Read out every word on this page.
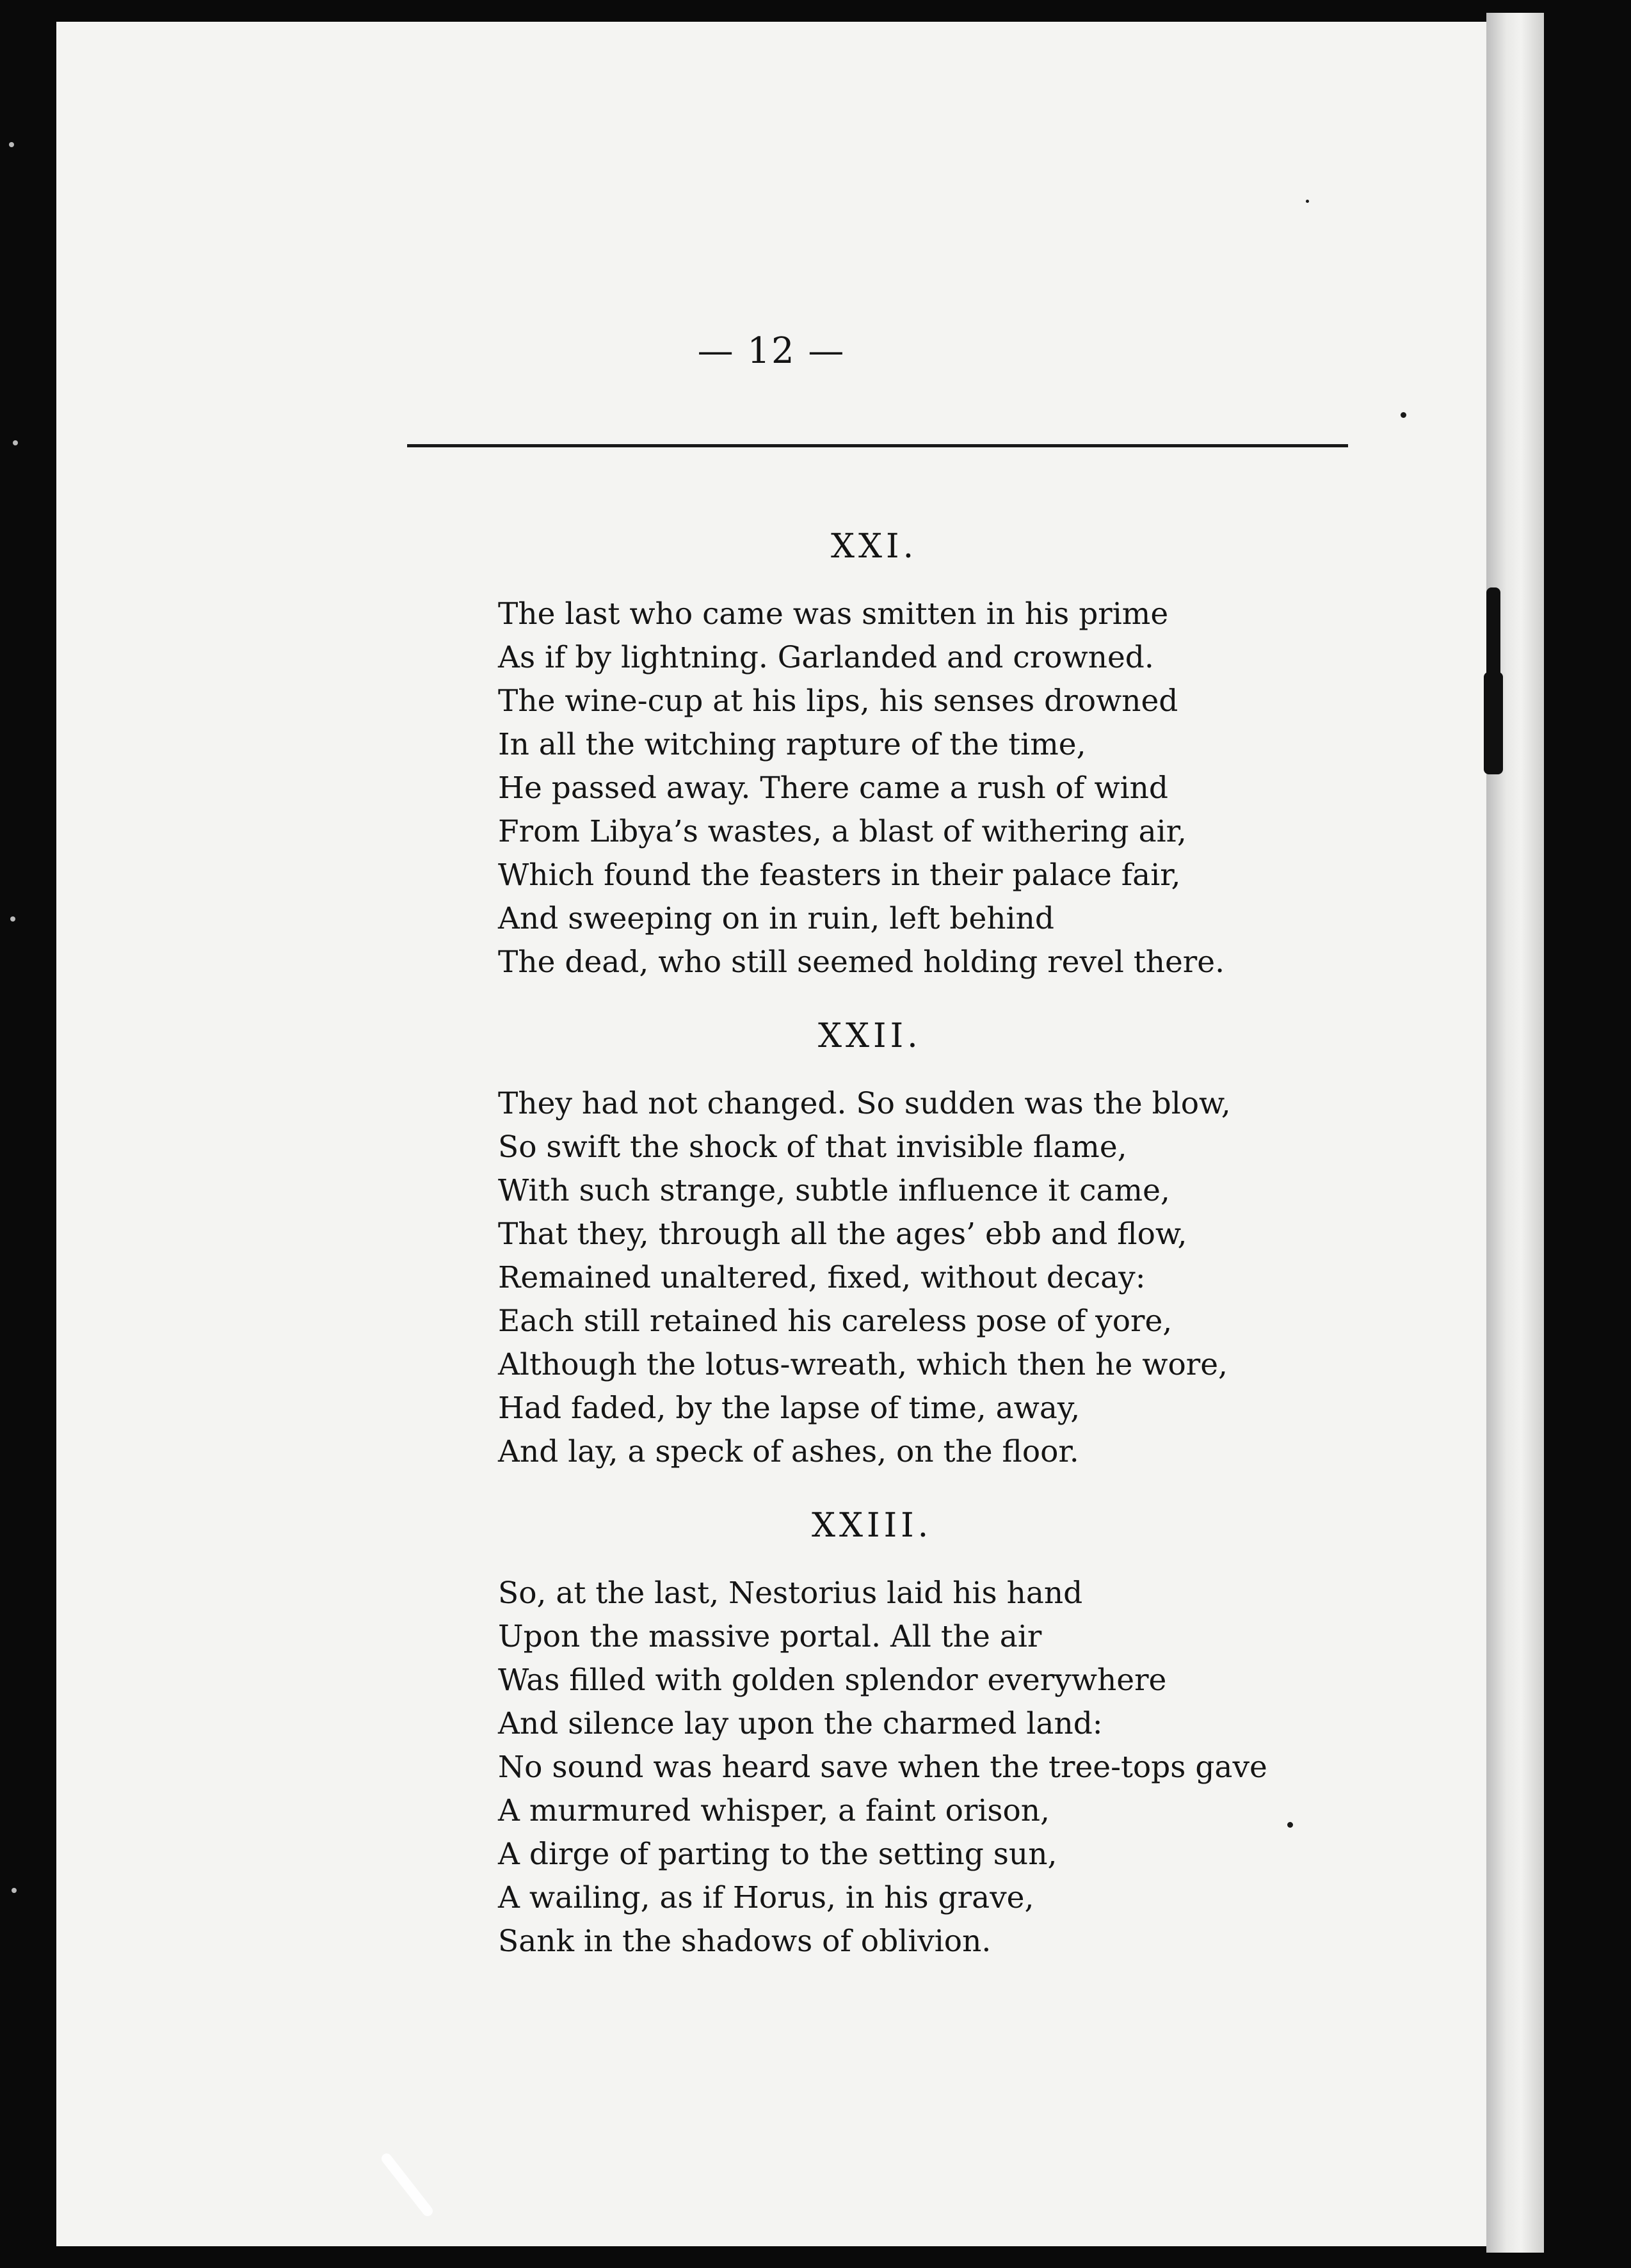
— 12 —
XXI.
The last who came was smitten in his prime
As if by lightning. Garlanded and crowned.
The wine-cup at his lips, his senses drowned
In all the witching rapture of the time,
He passed away. There came a rush of wind
From Libya’s wastes, a blast of withering air,
Which found the feasters in their palace fair,
And sweeping on in ruin, left behind
The dead, who still seemed holding revel there.
XXII.
They had not changed. So sudden was the blow,
So swift the shock of that invisible flame,
With such strange, subtle influence it came,
That they, through all the ages’ ebb and flow,
Remained unaltered, fixed, without decay:
Each still retained his careless pose of yore,
Although the lotus-wreath, which then he wore,
Had faded, by the lapse of time, away,
And lay, a speck of ashes, on the floor.
XXIII.
So, at the last, Nestorius laid his hand
Upon the massive portal. All the air
Was filled with golden splendor everywhere
And silence lay upon the charmed land:
No sound was heard save when the tree-tops gave
A murmured whisper, a faint orison,
A dirge of parting to the setting sun,
A wailing, as if Horus, in his grave,
Sank in the shadows of oblivion.
